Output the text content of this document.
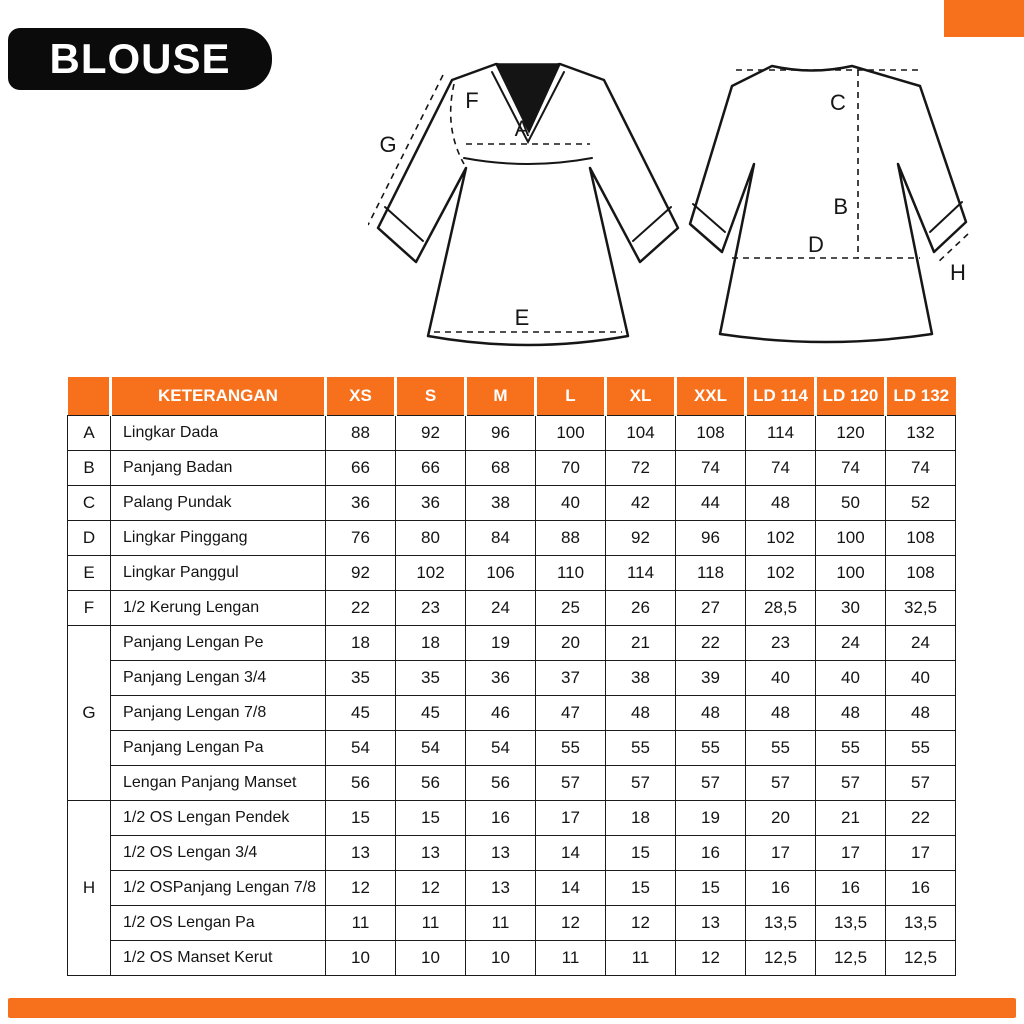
BLOUSE
A
F
G
E
C
B
D
H
	KETERANGAN	XS	S	M	L	XL	XXL	LD 114	LD 120	LD 132
A	Lingkar Dada	88	92	96	100	104	108	114	120	132
B	Panjang Badan	66	66	68	70	72	74	74	74	74
C	Palang Pundak	36	36	38	40	42	44	48	50	52
D	Lingkar Pinggang	76	80	84	88	92	96	102	100	108
E	Lingkar Panggul	92	102	106	110	114	118	102	100	108
F	1/2 Kerung Lengan	22	23	24	25	26	27	28,5	30	32,5
G	Panjang Lengan Pe	18	18	19	20	21	22	23	24	24
	Panjang Lengan 3/4	35	35	36	37	38	39	40	40	40
	Panjang Lengan 7/8	45	45	46	47	48	48	48	48	48
	Panjang Lengan Pa	54	54	54	55	55	55	55	55	55
	Lengan Panjang Manset	56	56	56	57	57	57	57	57	57
H	1/2 OS Lengan Pendek	15	15	16	17	18	19	20	21	22
	1/2 OS Lengan 3/4	13	13	13	14	15	16	17	17	17
	1/2 OSPanjang Lengan 7/8	12	12	13	14	15	15	16	16	16
	1/2 OS Lengan Pa	11	11	11	12	12	13	13,5	13,5	13,5
	1/2 OS Manset Kerut	10	10	10	11	11	12	12,5	12,5	12,5
